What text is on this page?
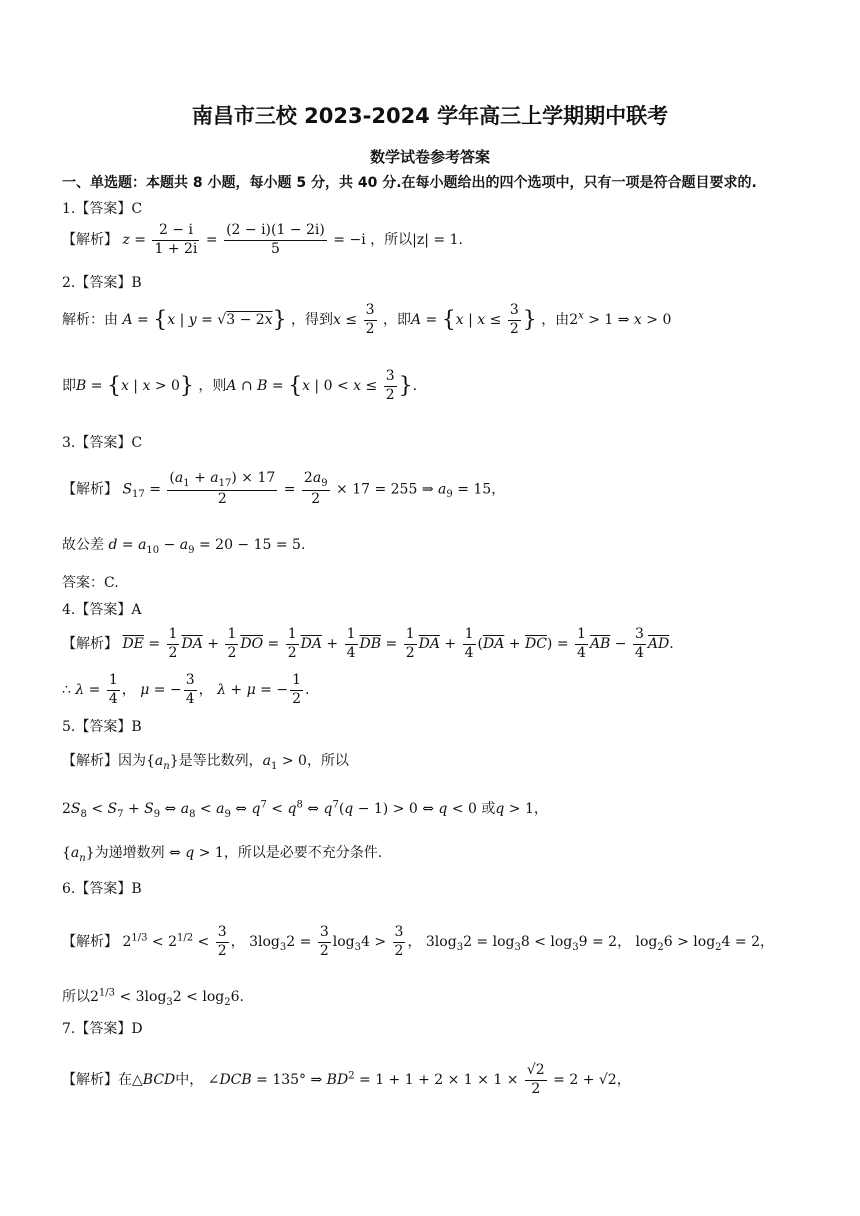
南昌市三校 2023-2024 学年高三上学期期中联考
数学试卷参考答案
一、单选题：本题共 8 小题，每小题 5 分，共 40 分.在每小题给出的四个选项中，只有一项是符合题目要求的.
1.【答案】C
【解析】 $z = \frac{2 - i}{1 + 2i} = \frac{(2 - i)(1 - 2i)}{5} = -i$ ，所以|z| = 1.
2.【答案】B
解析：由 A = {x | y = √3 − 2x} ，得到$x \le \frac{3}{2}$ ，即A = {x | $x \le \frac{3}{2}$ } ，由$2^x > 1$ ⇒ x > 0
即B = {x | x > 0} ，则A ∩ B = {x | $0 < x \le \frac{3}{2}$ }.
3.【答案】C
【解析】 $S_{17} = \frac{(a_1 + a_{17}) \times 17}{2} = \frac{2a_9}{2} \times 17 = 255$ ⇒ $a_9 = 15$，
故公差 $d = a_{10} - a_9 = 20 - 15 = 5$.
答案：C.
4.【答案】A
【解析】 $\overline{DE} = \frac{1}{2} \overline{DA} + \frac{1}{2} \overline{DO} = \frac{1}{2} \overline{DA} + \frac{1}{4} \overline{DB} = \frac{1}{2} \overline{DA} + \frac{1}{4} (\overline{DA} + \overline{DC}) = \frac{1}{4} \overline{AB} - \frac{3}{4} \overline{AD}$.
∴ $\lambda = \frac{1}{4}$ ， μ = − $\frac{3}{4}$ ， λ + μ = − $\frac{1}{2}$ .
5.【答案】B
【解析】因为$\{a_n\}$是等比数列，$a_1 > 0$，所以
$2S_8 < S_7 + S_9$ ⇔ $a_8 < a_9$ ⇔ $q^7 < q^8$ ⇔ $q^7(q - 1) > 0$ ⇔ q < 0 或q > 1，
$\{a_n\}$为递增数列 ⇔ q > 1，所以是必要不充分条件.
6.【答案】B
【解析】 $2^{1/3} < 2^{1/2} < \frac{3}{2}$ ， $3\log_32 = \frac{3}{2} \log_34 > \frac{3}{2}$ ， $3\log_32 = \log_38 < \log_39 = 2$， $\log_26 > \log_24 = 2$，
所以$2^{1/3} < 3\log_32 < \log_26$.
7.【答案】D
【解析】在△BCD中， ∠DCB = 135° ⇒ $BD^2 = 1 + 1 + 2 \times 1 \times 1 \times \frac{√2}{2} = 2 + √2$，
